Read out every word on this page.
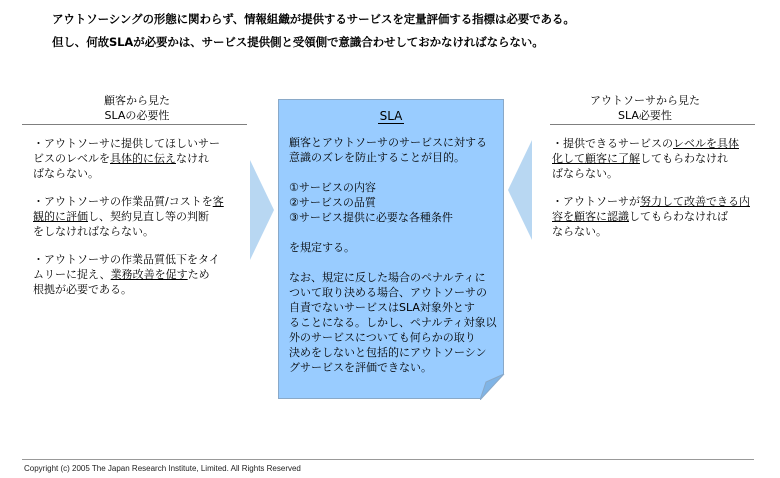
アウトソーシングの形態に関わらず、情報組織が提供するサービスを定量評価する指標は必要である。
但し、何故SLAが必要かは、サービス提供側と受領側で意識合わせしておかなければならない。
顧客から見た
SLAの必要性
・アウトソーサに提供してほしいサー
ビスのレベルを具体的に伝えなけれ
ばならない。
・アウトソーサの作業品質/コストを客
観的に評価し、契約見直し等の判断
をしなければならない。
・アウトソーサの作業品質低下をタイ
ムリーに捉え、業務改善を促すため
根拠が必要である。
SLA
顧客とアウトソーサのサービスに対する
意識のズレを防止することが目的。
①サービスの内容
②サービスの品質
③サービス提供に必要な各種条件
を規定する。
なお、規定に反した場合のペナルティに
ついて取り決める場合、アウトソーサの
自責でないサービスはSLA対象外とす
ることになる。しかし、ペナルティ対象以
外のサービスについても何らかの取り
決めをしないと包括的にアウトソーシン
グサービスを評価できない。
アウトソーサから見た
SLA必要性
・提供できるサービスのレベルを具体
化して顧客に了解してもらわなけれ
ばならない。
・アウトソーサが努力して改善できる内
容を顧客に認識してもらわなければ
ならない。
Copyright (c) 2005 The Japan Research Institute, Limited. All Rights Reserved
